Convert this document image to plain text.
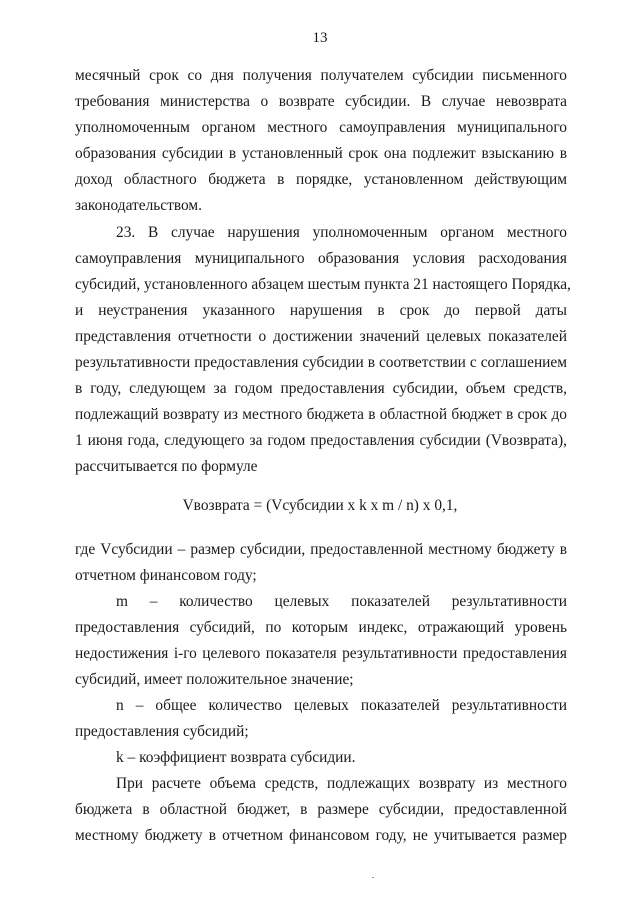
13
месячный срок со дня получения получателем субсидии письменного
требования министерства о возврате субсидии. В случае невозврата
уполномоченным органом местного самоуправления муниципального
образования субсидии в установленный срок она подлежит взысканию в
доход областного бюджета в порядке, установленном действующим
законодательством.
23. В случае нарушения уполномоченным органом местного
самоуправления муниципального образования условия расходования
субсидий, установленного абзацем шестым пункта 21 настоящего Порядка,
и неустранения указанного нарушения в срок до первой даты
представления отчетности о достижении значений целевых показателей
результативности предоставления субсидии в соответствии с соглашением
в году, следующем за годом предоставления субсидии, объем средств,
подлежащий возврату из местного бюджета в областной бюджет в срок до
1 июня года, следующего за годом предоставления субсидии (Vвозврата),
рассчитывается по формуле
Vвозврата = (Vсубсидии x k x m / n) x 0,1,
где Vсубсидии – размер субсидии, предоставленной местному бюджету в
отчетном финансовом году;
m – количество целевых показателей результативности
предоставления субсидий, по которым индекс, отражающий уровень
недостижения i-го целевого показателя результативности предоставления
субсидий, имеет положительное значение;
n – общее количество целевых показателей результативности
предоставления субсидий;
k – коэффициент возврата субсидии.
При расчете объема средств, подлежащих возврату из местного
бюджета в областной бюджет, в размере субсидии, предоставленной
местному бюджету в отчетном финансовом году, не учитывается размер
